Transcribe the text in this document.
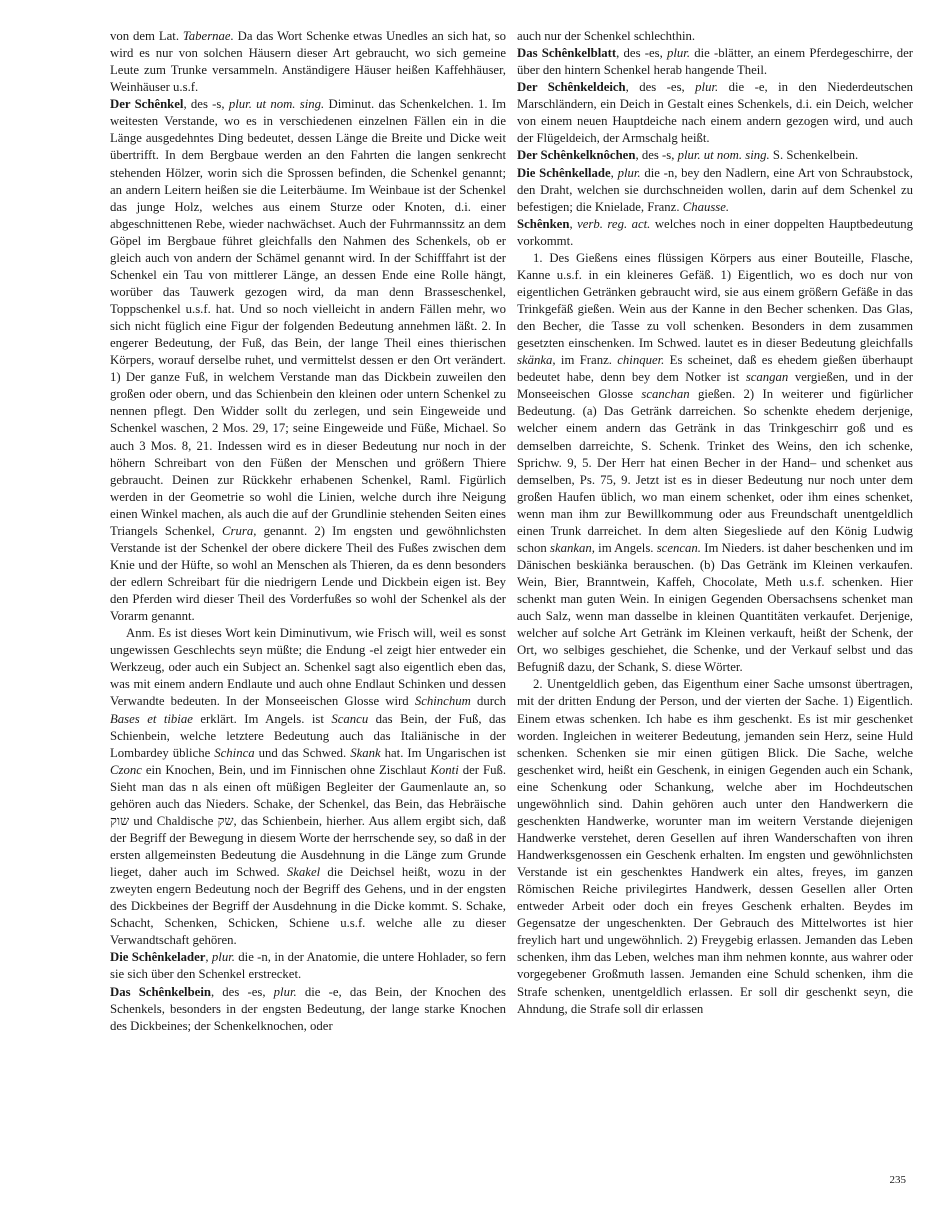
von dem Lat. Tabernae. Da das Wort Schenke etwas Unedles an sich hat, so wird es nur von solchen Häusern dieser Art gebraucht, wo sich gemeine Leute zum Trunke versammeln. Anständigere Häuser heißen Kaffehhäuser, Weinhäuser u.s.f.

Der Schênkel, des -s, plur. ut nom. sing. Diminut. das Schenkelchen. 1. Im weitesten Verstande, wo es in verschiedenen einzelnen Fällen ein in die Länge ausgedehntes Ding bedeutet, dessen Länge die Breite und Dicke weit übertrifft. In dem Bergbaue werden an den Fahrten die langen senkrecht stehenden Hölzer, worin sich die Sprossen befinden, die Schenkel genannt; an andern Leitern heißen sie die Leiterbäume. Im Weinbaue ist der Schenkel das junge Holz, welches aus einem Sturze oder Knoten, d.i. einer abgeschnittenen Rebe, wieder nachwächset. Auch der Fuhrmannssitz an dem Göpel im Bergbaue führet gleichfalls den Nahmen des Schenkels, ob er gleich auch von andern der Schämel genannt wird. In der Schifffahrt ist der Schenkel ein Tau von mittlerer Länge, an dessen Ende eine Rolle hängt, worüber das Tauwerk gezogen wird, da man denn Brasseschenkel, Toppschenkel u.s.f. hat. Und so noch vielleicht in andern Fällen mehr, wo sich nicht füglich eine Figur der folgenden Bedeutung annehmen läßt. 2. In engerer Bedeutung, der Fuß, das Bein, der lange Theil eines thierischen Körpers, worauf derselbe ruhet, und vermittelst dessen er den Ort verändert. 1) Der ganze Fuß, in welchem Verstande man das Dickbein zuweilen den großen oder obern, und das Schienbein den kleinen oder untern Schenkel zu nennen pflegt. Den Widder sollt du zerlegen, und sein Eingeweide und Schenkel waschen, 2 Mos. 29, 17; seine Eingeweide und Füße, Michael. So auch 3 Mos. 8, 21. Indessen wird es in dieser Bedeutung nur noch in der höhern Schreibart von den Füßen der Menschen und größern Thiere gebraucht. Deinen zur Rückkehr erhabenen Schenkel, Raml. Figürlich werden in der Geometrie so wohl die Linien, welche durch ihre Neigung einen Winkel machen, als auch die auf der Grundlinie stehenden Seiten eines Triangels Schenkel, Crura, genannt. 2) Im engsten und gewöhnlichsten Verstande ist der Schenkel der obere dickere Theil des Fußes zwischen dem Knie und der Hüfte, so wohl an Menschen als Thieren, da es denn besonders der edlern Schreibart für die niedrigern Lende und Dickbein eigen ist. Bey den Pferden wird dieser Theil des Vorderfußes so wohl der Schenkel als der Vorarm genannt.

Anm. Es ist dieses Wort kein Diminutivum, wie Frisch will, weil es sonst ungewissen Geschlechts seyn müßte; die Endung -el zeigt hier entweder ein Werkzeug, oder auch ein Subject an. Schenkel sagt also eigentlich eben das, was mit einem andern Endlaute und auch ohne Endlaut Schinken und dessen Verwandte bedeuten. In der Monseeischen Glosse wird Schinchum durch Bases et tibiae erklärt. Im Angels. ist Scancu das Bein, der Fuß, das Schienbein, welche letztere Bedeutung auch das Italiänische in der Lombardey übliche Schinca und das Schwed. Skank hat. Im Ungarischen ist Czonc ein Knochen, Bein, und im Finnischen ohne Zischlaut Konti der Fuß. Sieht man das n als einen oft müßigen Begleiter der Gaumenlaute an, so gehören auch das Nieders. Schake, der Schenkel, das Bein, das Hebräische שוק und Chaldische שק, das Schienbein, hierher. Aus allem ergibt sich, daß der Begriff der Bewegung in diesem Worte der herrschende sey, so daß in der ersten allgemeinsten Bedeutung die Ausdehnung in die Länge zum Grunde lieget, daher auch im Schwed. Skakel die Deichsel heißt, wozu in der zweyten engern Bedeutung noch der Begriff des Gehens, und in der engsten des Dickbeines der Begriff der Ausdehnung in die Dicke kommt. S. Schake, Schacht, Schenken, Schicken, Schiene u.s.f. welche alle zu dieser Verwandtschaft gehören.

Die Schênkelader, plur. die -n, in der Anatomie, die untere Hohlader, so fern sie sich über den Schenkel erstrecket.

Das Schênkelbein, des -es, plur. die -e, das Bein, der Knochen des Schenkels, besonders in der engsten Bedeutung, der lange starke Knochen des Dickbeines; der Schenkelknochen, oder

auch nur der Schenkel schlechthin.

Das Schênkelblatt, des -es, plur. die -blätter, an einem Pferdegeschirre, der über den hintern Schenkel herab hangende Theil.

Der Schênkeldeich, des -es, plur. die -e, in den Niederdeutschen Marschländern, ein Deich in Gestalt eines Schenkels, d.i. ein Deich, welcher von einem neuen Hauptdeiche nach einem andern gezogen wird, und auch der Flügeldeich, der Armschalg heißt.

Der Schênkelknôchen, des -s, plur. ut nom. sing. S. Schenkelbein.

Die Schênkellade, plur. die -n, bey den Nadlern, eine Art von Schraubstock, den Draht, welchen sie durchschneiden wollen, darin auf dem Schenkel zu befestigen; die Knielade, Franz. Chausse.

Schênken, verb. reg. act. welches noch in einer doppelten Hauptbedeutung vorkommt.

1. Des Gießens eines flüssigen Körpers aus einer Bouteille, Flasche, Kanne u.s.f. in ein kleineres Gefäß. 1) Eigentlich, wo es doch nur von eigentlichen Getränken gebraucht wird, sie aus einem größern Gefäße in das Trinkgefäß gießen. Wein aus der Kanne in den Becher schenken. Das Glas, den Becher, die Tasse zu voll schenken. Besonders in dem zusammen gesetzten einschenken. Im Schwed. lautet es in dieser Bedeutung gleichfalls skänka, im Franz. chinquer. Es scheinet, daß es ehedem gießen überhaupt bedeutet habe, denn bey dem Notker ist scangan vergießen, und in der Monseeischen Glosse scanchan gießen. 2) In weiterer und figürlicher Bedeutung. (a) Das Getränk darreichen. So schenkte ehedem derjenige, welcher einem andern das Getränk in das Trinkgeschirr goß und es demselben darreichte, S. Schenk. Trinket des Weins, den ich schenke, Sprichw. 9, 5. Der Herr hat einen Becher in der Hand– und schenket aus demselben, Ps. 75, 9. Jetzt ist es in dieser Bedeutung nur noch unter dem großen Haufen üblich, wo man einem schenket, oder ihm eines schenket, wenn man ihm zur Bewillkommung oder aus Freundschaft unentgeldlich einen Trunk darreichet. In dem alten Siegesliede auf den König Ludwig schon skankan, im Angels. scencan. Im Nieders. ist daher beschenken und im Dänischen beskiänka berauschen. (b) Das Getränk im Kleinen verkaufen. Wein, Bier, Branntwein, Kaffeh, Chocolate, Meth u.s.f. schenken. Hier schenkt man guten Wein. In einigen Gegenden Obersachsens schenket man auch Salz, wenn man dasselbe in kleinen Quantitäten verkaufet. Derjenige, welcher auf solche Art Getränk im Kleinen verkauft, heißt der Schenk, der Ort, wo selbiges geschiehet, die Schenke, und der Verkauf selbst und das Befugniß dazu, der Schank, S. diese Wörter.

2. Unentgeldlich geben, das Eigenthum einer Sache umsonst übertragen, mit der dritten Endung der Person, und der vierten der Sache. 1) Eigentlich. Einem etwas schenken. Ich habe es ihm geschenkt. Es ist mir geschenket worden. Ingleichen in weiterer Bedeutung, jemanden sein Herz, seine Huld schenken. Schenken sie mir einen gütigen Blick. Die Sache, welche geschenket wird, heißt ein Geschenk, in einigen Gegenden auch ein Schank, eine Schenkung oder Schankung, welche aber im Hochdeutschen ungewöhnlich sind. Dahin gehören auch unter den Handwerkern die geschenkten Handwerke, worunter man im weitern Verstande diejenigen Handwerke verstehet, deren Gesellen auf ihren Wanderschaften von ihren Handwerksgenossen ein Geschenk erhalten. Im engsten und gewöhnlichsten Verstande ist ein geschenktes Handwerk ein altes, freyes, im ganzen Römischen Reiche privilegirtes Handwerk, dessen Gesellen aller Orten entweder Arbeit oder doch ein freyes Geschenk erhalten. Beydes im Gegensatze der ungeschenkten. Der Gebrauch des Mittelwortes ist hier freylich hart und ungewöhnlich. 2) Freygebig erlassen. Jemanden das Leben schenken, ihm das Leben, welches man ihm nehmen konnte, aus wahrer oder vorgegebener Großmuth lassen. Jemanden eine Schuld schenken, ihm die Strafe schenken, unentgeldlich erlassen. Er soll dir geschenkt seyn, die Ahndung, die Strafe soll dir erlassen

235
